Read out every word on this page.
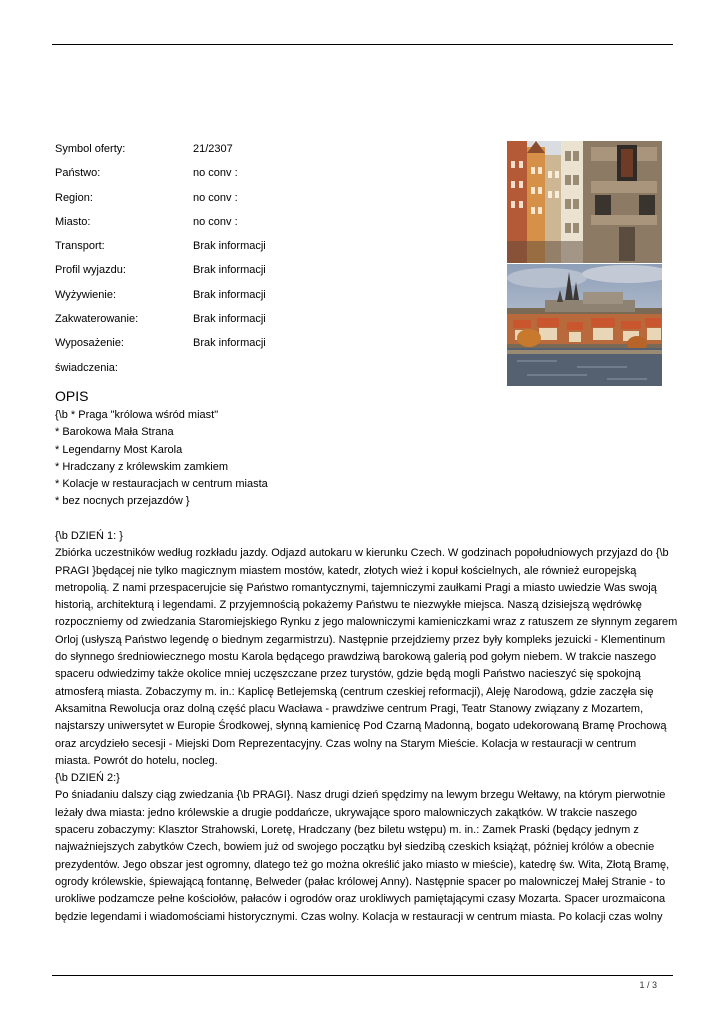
Symbol oferty:	21/2307
Państwo:	no conv :
Region:	no conv :
Miasto:	no conv :
Transport:	Brak informacji
Profil wyjazdu:	Brak informacji
Wyżywienie:	Brak informacji
Zakwaterowanie:	Brak informacji
Wyposażenie:	Brak informacji
świadczenia:
OPIS
{\b * Praga "królowa wśród miast"
* Barokowa Mała Strana
* Legendarny Most Karola
* Hradczany z królewskim zamkiem
* Kolacje w restauracjach w centrum miasta
* bez nocnych przejazdów }
{\b DZIEŃ 1: }
Zbiórka uczestników według rozkładu jazdy. Odjazd autokaru w kierunku Czech. W godzinach popołudniowych przyjazd do {\b
PRAGI }będącej nie tylko magicznym miastem mostów, katedr, złotych wież i kopuł kościelnych, ale również europejską
metropolią. Z nami przespacerujcie się Państwo romantycznymi, tajemniczymi zaułkami Pragi a miasto uwiedzie Was swoją
historią, architekturą i legendami. Z przyjemnością pokażemy Państwu te niezwykłe miejsca. Naszą dzisiejszą wędrówkę
rozpoczniemy od zwiedzania Staromiejskiego Rynku z jego malowniczymi kamieniczkami wraz z ratuszem ze słynnym zegarem
Orloj (usłyszą Państwo legendę o biednym zegarmistrzu). Następnie przejdziemy przez były kompleks jezuicki - Klementinum
do słynnego średniowiecznego mostu Karola będącego prawdziwą barokową galerią pod gołym niebem. W trakcie naszego
spaceru odwiedzimy także okolice mniej uczęszczane przez turystów, gdzie będą mogli Państwo nacieszyć się spokojną
atmosferą miasta. Zobaczymy m. in.: Kaplicę Betlejemską (centrum czeskiej reformacji), Aleję Narodową, gdzie zaczęła się
Aksamitna Rewolucja oraz dolną część placu Wacława - prawdziwe centrum Pragi, Teatr Stanowy związany z Mozartem,
najstarszy uniwersytet w Europie Środkowej, słynną kamienicę Pod Czarną Madonną, bogato udekorowaną Bramę Prochową
oraz arcydzieło secesji - Miejski Dom Reprezentacyjny. Czas wolny na Starym Mieście. Kolacja w restauracji w centrum
miasta. Powrót do hotelu, nocleg.
{\b DZIEŃ 2:}
Po śniadaniu dalszy ciąg zwiedzania {\b PRAGI}. Nasz drugi dzień spędzimy na lewym brzegu Wełtawy, na którym pierwotnie
leżały dwa miasta: jedno królewskie a drugie poddańcze, ukrywające sporo malowniczych zakątków. W trakcie naszego
spaceru zobaczymy: Klasztor Strahowski, Loretę, Hradczany (bez biletu wstępu) m. in.: Zamek Praski (będący jednym z
najważniejszych zabytków Czech, bowiem już od swojego początku był siedzibą czeskich książąt, później królów a obecnie
prezydentów. Jego obszar jest ogromny, dlatego też go można określić jako miasto w mieście), katedrę św. Wita, Złotą Bramę,
ogrody królewskie, śpiewającą fontannę, Belweder (pałac królowej Anny). Następnie spacer po malowniczej Małej Stranie - to
urokliwe podzamcze pełne kościołów, pałaców i ogrodów oraz urokliwych pamiętającymi czasy Mozarta. Spacer urozmaicona
będzie legendami i wiadomościami historycznymi. Czas wolny. Kolacja w restauracji w centrum miasta. Po kolacji czas wolny
1 / 3
